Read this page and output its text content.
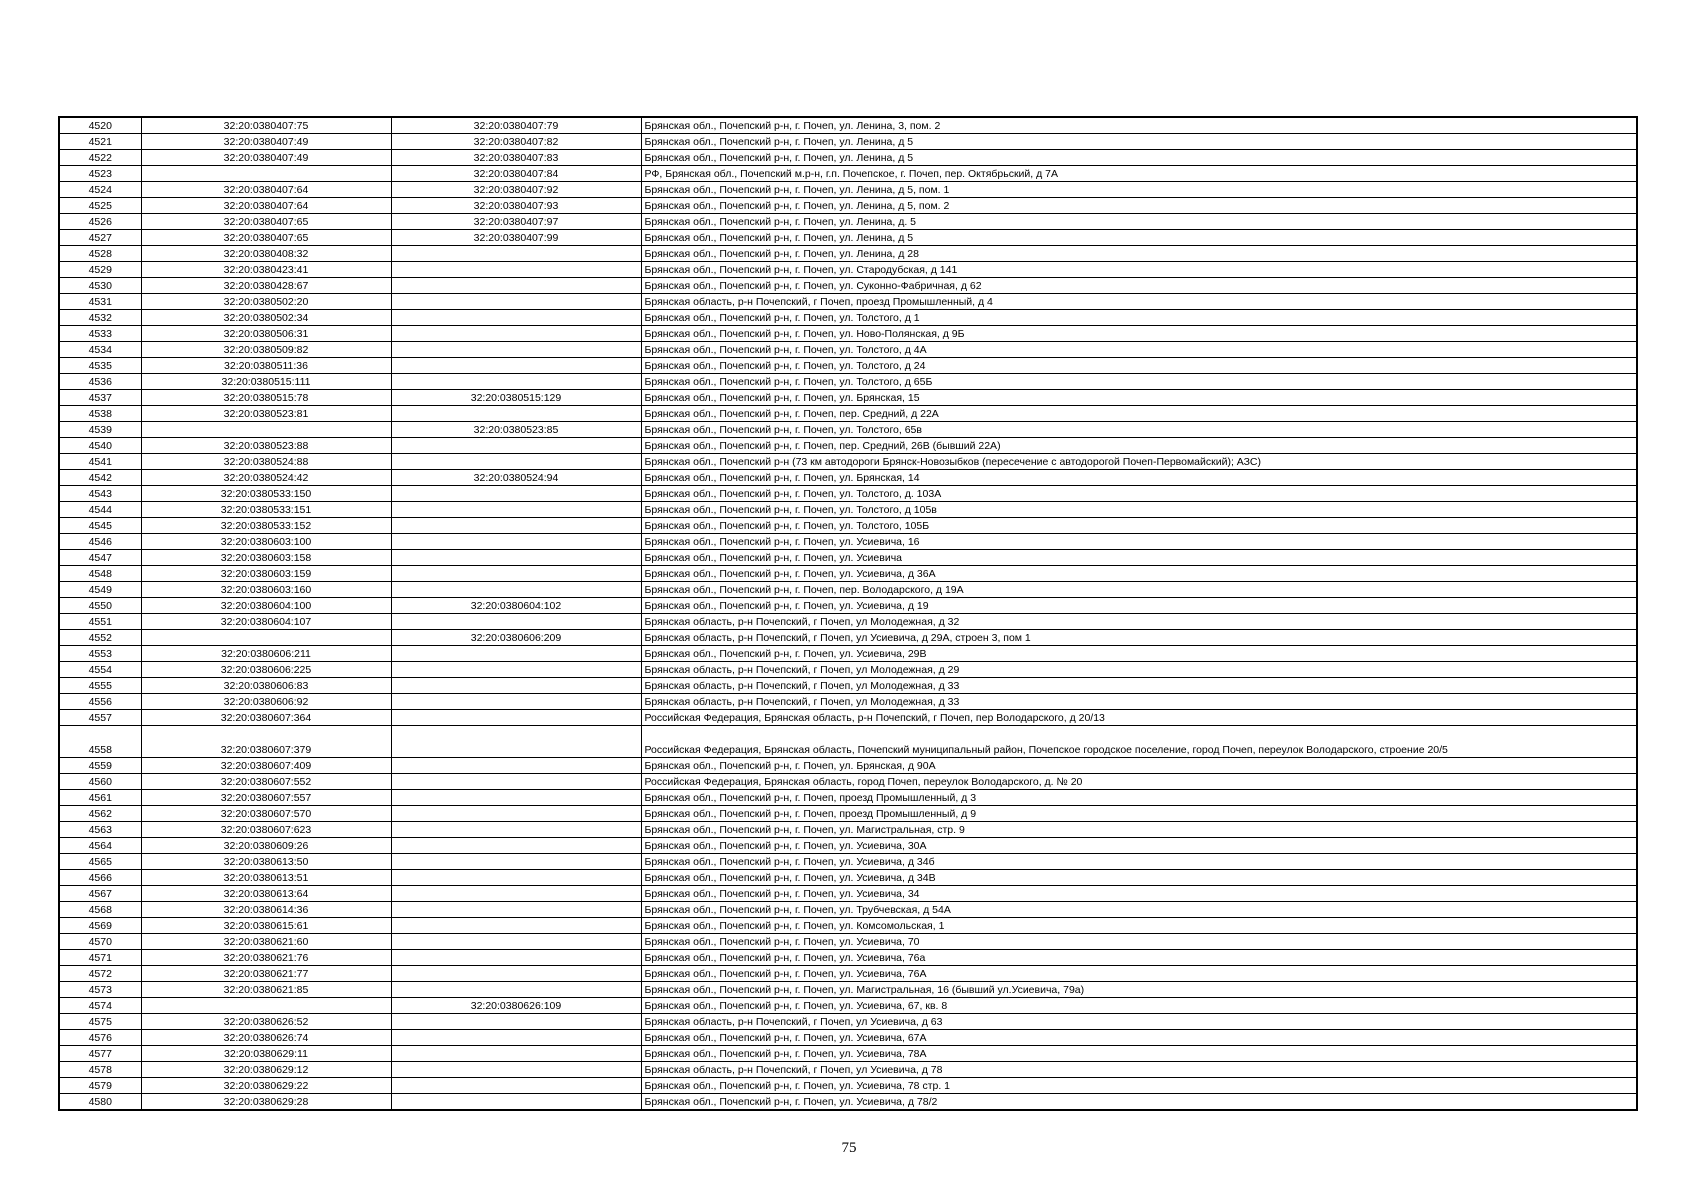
4520	32:20:0380407:75	32:20:0380407:79	Брянская обл., Почепский р-н, г. Почеп, ул. Ленина, 3, пом. 2
4521	32:20:0380407:49	32:20:0380407:82	Брянская обл., Почепский р-н, г. Почеп, ул. Ленина, д 5
4522	32:20:0380407:49	32:20:0380407:83	Брянская обл., Почепский р-н, г. Почеп, ул. Ленина, д 5
4523		32:20:0380407:84	РФ, Брянская обл., Почепский м.р-н, г.п. Почепское, г. Почеп, пер. Октябрьский, д 7А
4524	32:20:0380407:64	32:20:0380407:92	Брянская обл., Почепский р-н, г. Почеп, ул. Ленина, д 5, пом. 1
4525	32:20:0380407:64	32:20:0380407:93	Брянская обл., Почепский р-н, г. Почеп, ул. Ленина, д 5, пом. 2
4526	32:20:0380407:65	32:20:0380407:97	Брянская обл., Почепский р-н, г. Почеп, ул. Ленина, д. 5
4527	32:20:0380407:65	32:20:0380407:99	Брянская обл., Почепский р-н, г. Почеп, ул. Ленина, д 5
4528	32:20:0380408:32		Брянская обл., Почепский р-н, г. Почеп, ул. Ленина, д 28
4529	32:20:0380423:41		Брянская обл., Почепский р-н, г. Почеп, ул. Стародубская, д 141
4530	32:20:0380428:67		Брянская обл., Почепский р-н, г. Почеп, ул. Суконно-Фабричная, д 62
4531	32:20:0380502:20		Брянская область, р-н Почепский, г Почеп, проезд Промышленный, д 4
4532	32:20:0380502:34		Брянская обл., Почепский р-н, г. Почеп, ул. Толстого, д 1
4533	32:20:0380506:31		Брянская обл., Почепский р-н, г. Почеп, ул. Ново-Полянская, д 9Б
4534	32:20:0380509:82		Брянская обл., Почепский р-н, г. Почеп, ул. Толстого, д 4А
4535	32:20:0380511:36		Брянская обл., Почепский р-н, г. Почеп, ул. Толстого, д 24
4536	32:20:0380515:111		Брянская обл., Почепский р-н, г. Почеп, ул. Толстого, д 65Б
4537	32:20:0380515:78	32:20:0380515:129	Брянская обл., Почепский р-н, г. Почеп, ул. Брянская, 15
4538	32:20:0380523:81		Брянская обл., Почепский р-н, г. Почеп, пер. Средний, д 22А
4539		32:20:0380523:85	Брянская обл., Почепский р-н, г. Почеп, ул. Толстого, 65в
4540	32:20:0380523:88		Брянская обл., Почепский р-н, г. Почеп, пер. Средний, 26В (бывший 22А)
4541	32:20:0380524:88		Брянская обл., Почепский р-н (73 км автодороги Брянск-Новозыбков (пересечение с автодорогой Почеп-Первомайский); АЗС)
4542	32:20:0380524:42	32:20:0380524:94	Брянская обл., Почепский р-н, г. Почеп, ул. Брянская, 14
4543	32:20:0380533:150		Брянская обл., Почепский р-н, г. Почеп, ул. Толстого, д. 103А
4544	32:20:0380533:151		Брянская обл., Почепский р-н, г. Почеп, ул. Толстого, д 105в
4545	32:20:0380533:152		Брянская обл., Почепский р-н, г. Почеп, ул. Толстого, 105Б
4546	32:20:0380603:100		Брянская обл., Почепский р-н, г. Почеп, ул. Усиевича, 16
4547	32:20:0380603:158		Брянская обл., Почепский р-н, г. Почеп, ул. Усиевича
4548	32:20:0380603:159		Брянская обл., Почепский р-н, г. Почеп, ул. Усиевича, д 36А
4549	32:20:0380603:160		Брянская обл., Почепский р-н, г. Почеп, пер. Володарского, д 19А
4550	32:20:0380604:100	32:20:0380604:102	Брянская обл., Почепский р-н, г. Почеп, ул. Усиевича, д 19
4551	32:20:0380604:107		Брянская область, р-н Почепский, г Почеп, ул Молодежная, д 32
4552		32:20:0380606:209	Брянская область, р-н Почепский, г Почеп, ул Усиевича, д 29А, строен 3, пом 1
4553	32:20:0380606:211		Брянская обл., Почепский р-н, г. Почеп, ул. Усиевича, 29В
4554	32:20:0380606:225		Брянская область, р-н Почепский, г Почеп, ул Молодежная, д 29
4555	32:20:0380606:83		Брянская область, р-н Почепский, г Почеп, ул Молодежная, д 33
4556	32:20:0380606:92		Брянская область, р-н Почепский, г Почеп, ул Молодежная, д 33
4557	32:20:0380607:364		Российская Федерация, Брянская область, р-н Почепский, г Почеп, пер Володарского, д 20/13
4558	32:20:0380607:379		Российская Федерация, Брянская область, Почепский муниципальный район, Почепское городское поселение, город Почеп, переулок Володарского, строение 20/5
4559	32:20:0380607:409		Брянская обл., Почепский р-н, г. Почеп, ул. Брянская, д 90А
4560	32:20:0380607:552		Российская Федерация, Брянская область, город Почеп, переулок Володарского, д. № 20
4561	32:20:0380607:557		Брянская обл., Почепский р-н, г. Почеп, проезд Промышленный, д 3
4562	32:20:0380607:570		Брянская обл., Почепский р-н, г. Почеп, проезд Промышленный, д 9
4563	32:20:0380607:623		Брянская обл., Почепский р-н, г. Почеп, ул. Магистральная, стр. 9
4564	32:20:0380609:26		Брянская обл., Почепский р-н, г. Почеп, ул. Усиевича, 30А
4565	32:20:0380613:50		Брянская обл., Почепский р-н, г. Почеп, ул. Усиевича, д 34б
4566	32:20:0380613:51		Брянская обл., Почепский р-н, г. Почеп, ул. Усиевича, д 34В
4567	32:20:0380613:64		Брянская обл., Почепский р-н, г. Почеп, ул. Усиевича, 34
4568	32:20:0380614:36		Брянская обл., Почепский р-н, г. Почеп, ул. Трубчевская, д 54А
4569	32:20:0380615:61		Брянская обл., Почепский р-н, г. Почеп, ул. Комсомольская, 1
4570	32:20:0380621:60		Брянская обл., Почепский р-н, г. Почеп, ул. Усиевича, 70
4571	32:20:0380621:76		Брянская обл., Почепский р-н, г. Почеп, ул. Усиевича, 76а
4572	32:20:0380621:77		Брянская обл., Почепский р-н, г. Почеп, ул. Усиевича, 76А
4573	32:20:0380621:85		Брянская обл., Почепский р-н, г. Почеп, ул. Магистральная, 16 (бывший ул.Усиевича, 79а)
4574		32:20:0380626:109	Брянская обл., Почепский р-н, г. Почеп, ул. Усиевича, 67, кв. 8
4575	32:20:0380626:52		Брянская область, р-н Почепский, г Почеп, ул Усиевича, д 63
4576	32:20:0380626:74		Брянская обл., Почепский р-н, г. Почеп, ул. Усиевича, 67А
4577	32:20:0380629:11		Брянская обл., Почепский р-н, г. Почеп, ул. Усиевича, 78А
4578	32:20:0380629:12		Брянская область, р-н Почепский, г Почеп, ул Усиевича, д 78
4579	32:20:0380629:22		Брянская обл., Почепский р-н, г. Почеп, ул. Усиевича, 78 стр. 1
4580	32:20:0380629:28		Брянская обл., Почепский р-н, г. Почеп, ул. Усиевича, д 78/2
75
